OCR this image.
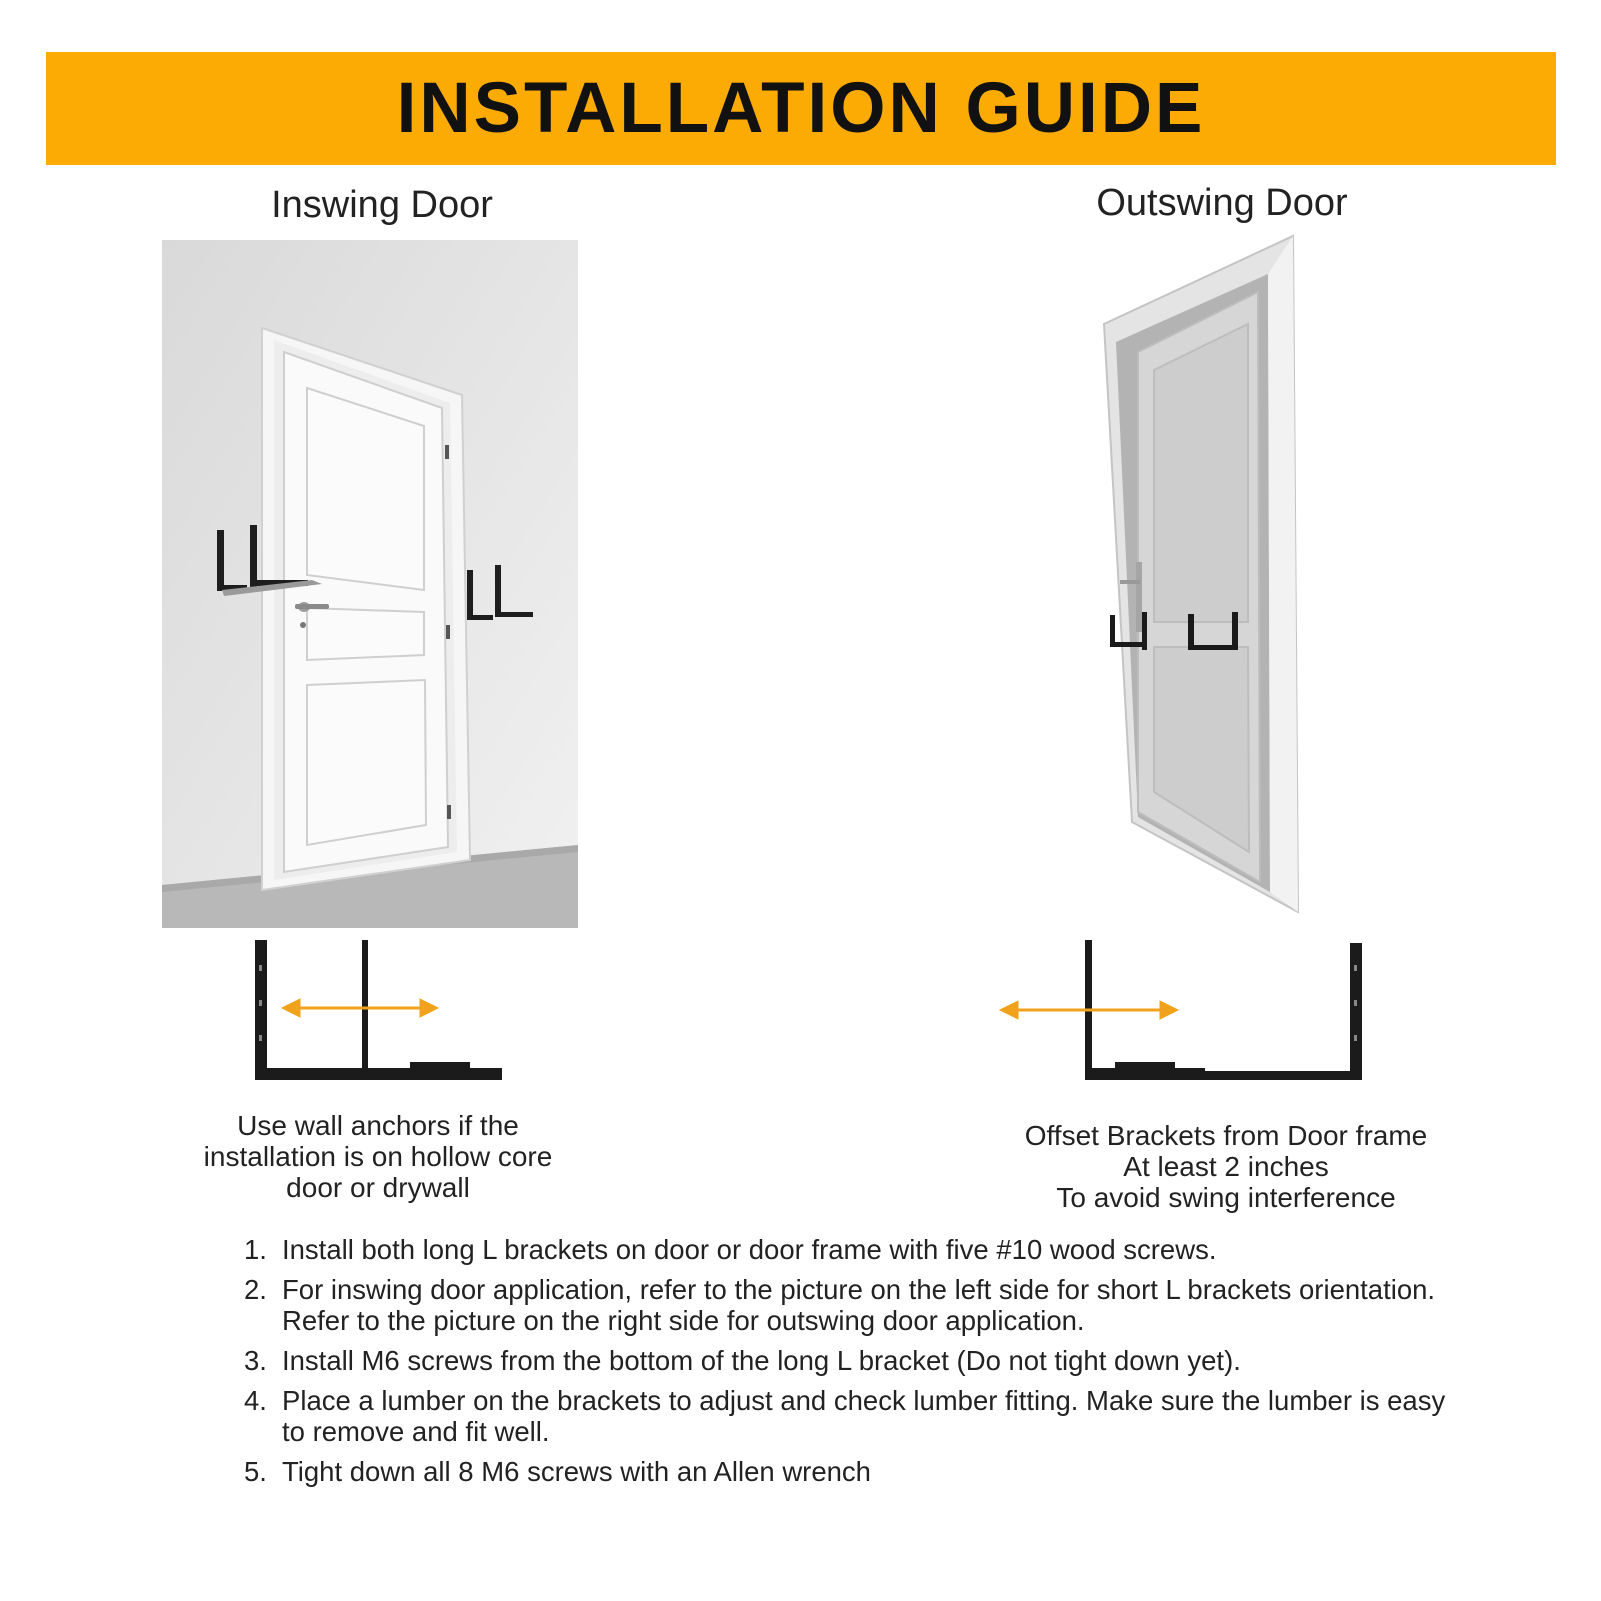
INSTALLATION GUIDE
Inswing Door	Outswing Door
Use wall anchors if the
installation is on hollow core
door or drywall
Offset Brackets from Door frame
At least 2 inches
To avoid swing interference
1. Install both long L brackets on door or door frame with five #10 wood screws.
2. For inswing door application, refer to the picture on the left side for short L brackets orientation. Refer to the picture on the right side for outswing door application.
3. Install M6 screws from the bottom of the long L bracket (Do not tight down yet).
4. Place a lumber on the brackets to adjust and check lumber fitting. Make sure the lumber is easy to remove and fit well.
5. Tight down all 8 M6 screws with an Allen wrench
